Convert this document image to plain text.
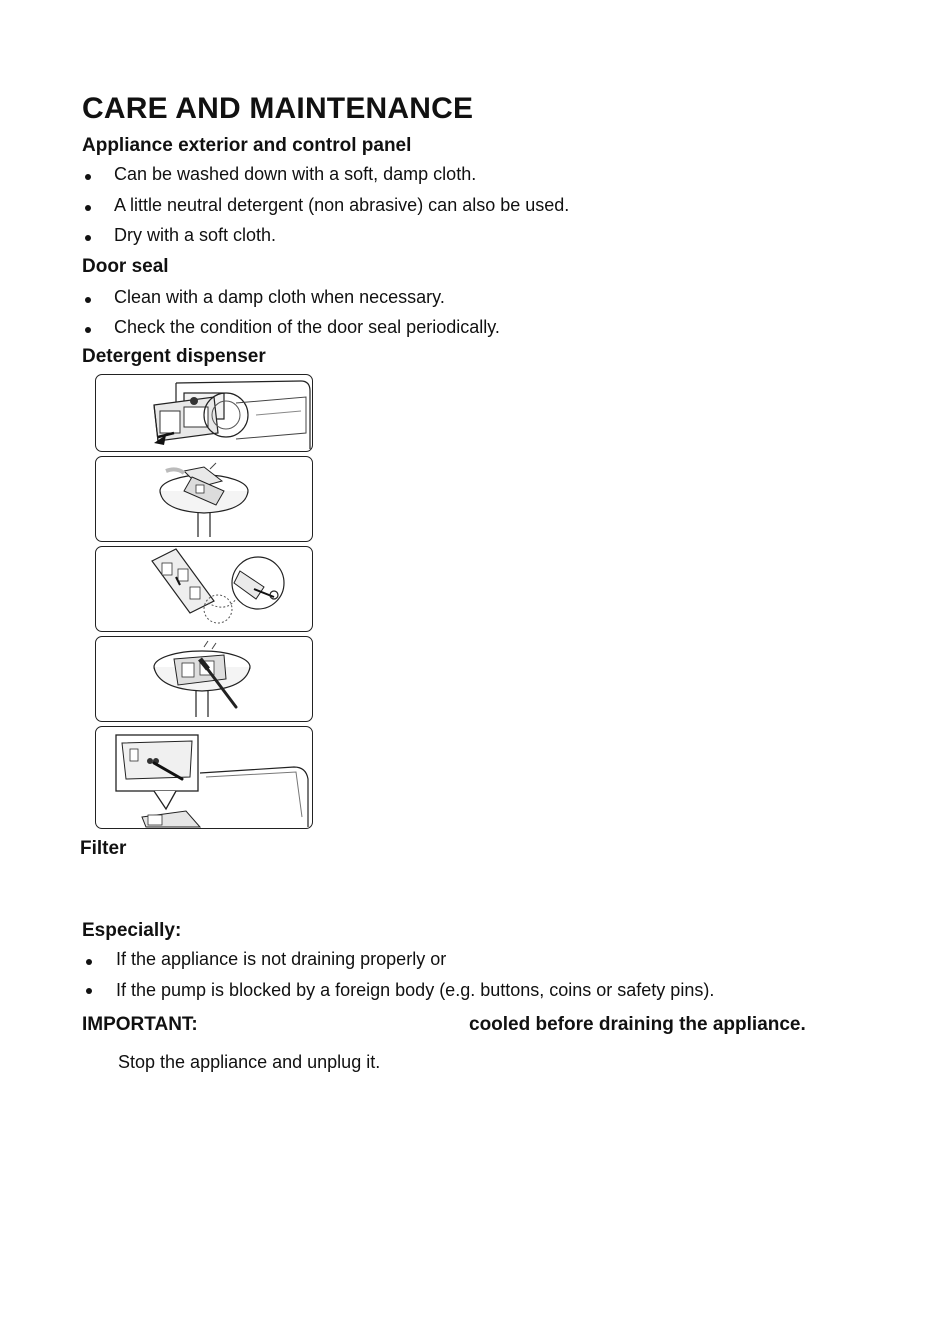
CARE AND MAINTENANCE
Appliance exterior and control panel
Can be washed down with a soft, damp cloth.
A little neutral detergent (non abrasive) can also be used.
Dry with a soft cloth.
Door seal
Clean with a damp cloth when necessary.
Check the condition of the door seal periodically.
Detergent dispenser
Filter
Especially:
If the appliance is not draining properly or
If the pump is blocked by a foreign body (e.g. buttons, coins or safety pins).
IMPORTANT:	cooled before draining the appliance.
Stop the appliance and unplug it.
